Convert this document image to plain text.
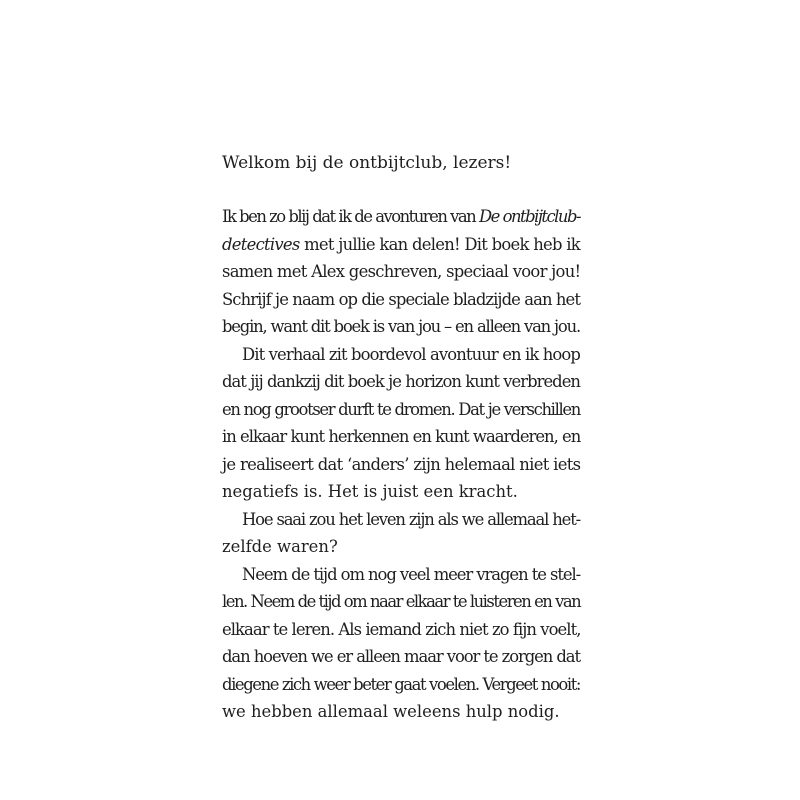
Welkom bij de ontbijtclub, lezers!
Ik ben zo blij dat ik de avonturen van De ontbijtclub-
detectives met jullie kan delen! Dit boek heb ik
samen met Alex geschreven, speciaal voor jou!
Schrijf je naam op die speciale bladzijde aan het
begin, want dit boek is van jou – en alleen van jou.
Dit verhaal zit boordevol avontuur en ik hoop
dat jij dankzij dit boek je horizon kunt verbreden
en nog grootser durft te dromen. Dat je verschillen
in elkaar kunt herkennen en kunt waarderen, en
je realiseert dat ‘anders’ zijn helemaal niet iets
negatiefs is. Het is juist een kracht.
Hoe saai zou het leven zijn als we allemaal het-
zelfde waren?
Neem de tijd om nog veel meer vragen te stel-
len. Neem de tijd om naar elkaar te luisteren en van
elkaar te leren. Als iemand zich niet zo fijn voelt,
dan hoeven we er alleen maar voor te zorgen dat
diegene zich weer beter gaat voelen. Vergeet nooit:
we hebben allemaal weleens hulp nodig.
